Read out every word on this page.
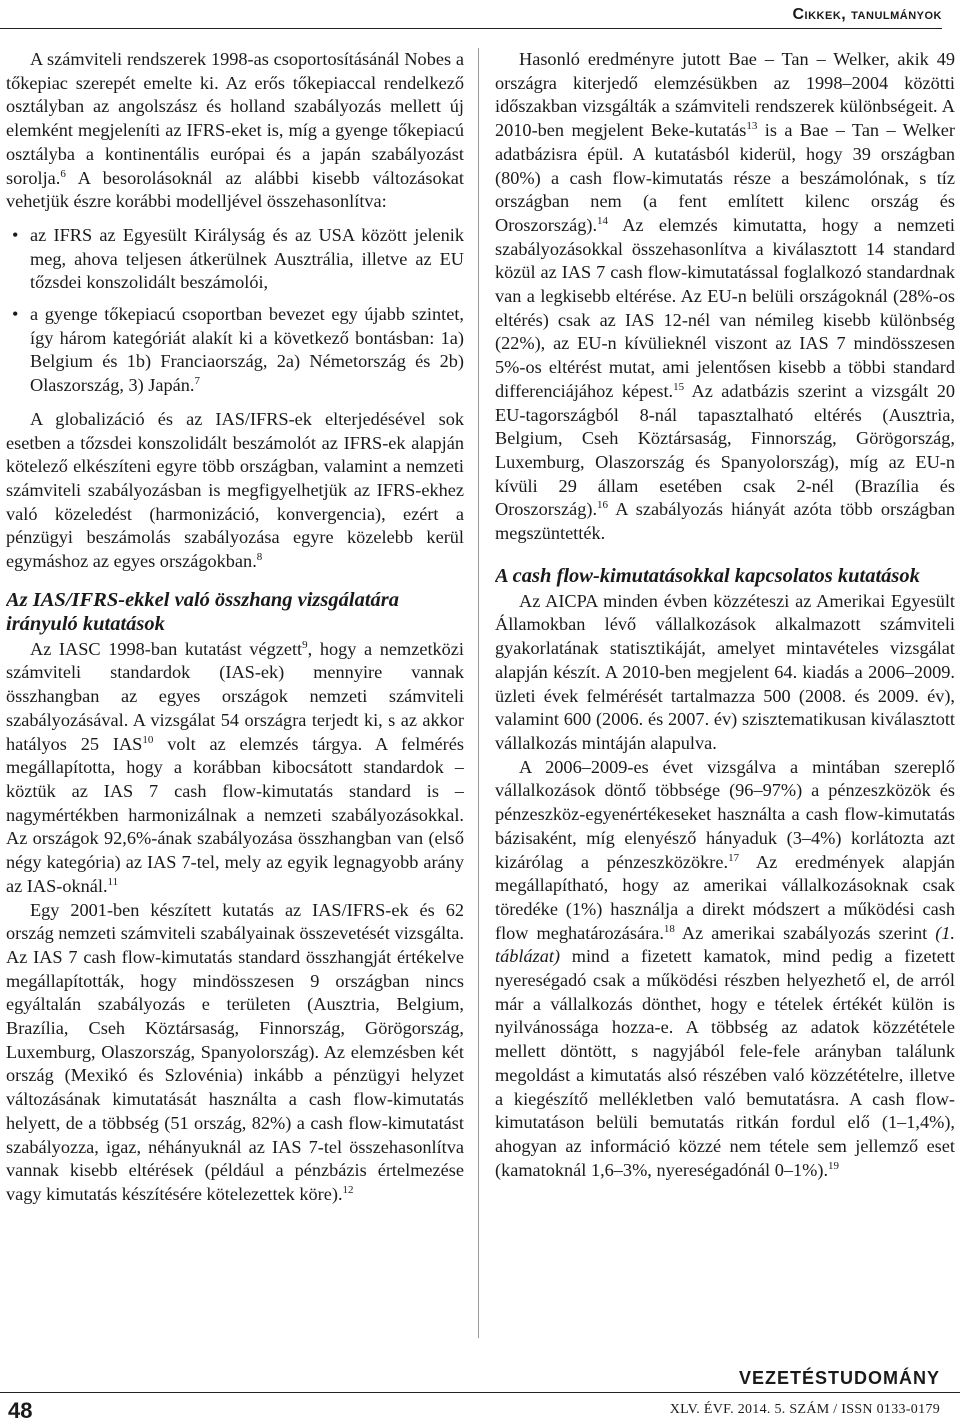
Cikkek, tanulmányok

A számviteli rendszerek 1998-as csoportosításánál Nobes a tőkepiac szerepét emelte ki. Az erős tőkepiaccal rendelkező osztályban az angolszász és holland szabályozás mellett új elemként megjeleníti az IFRS-eket is, míg a gyenge tőkepiacú osztályba a kontinentális európai és a japán szabályozást sorolja.$^6$ A besorolásoknál az alábbi kisebb változásokat vehetjük észre korábbi modelljével összehasonlítva:

• az IFRS az Egyesült Királyság és az USA között jelenik meg, ahova teljesen átkerülnek Ausztrália, illetve az EU tőzsdei konszolidált beszámolói,
• a gyenge tőkepiacú csoportban bevezet egy újabb szintet, így három kategóriát alakít ki a következő bontásban: 1a) Belgium és 1b) Franciaország, 2a) Németország és 2b) Olaszország, 3) Japán.$^7$

A globalizáció és az IAS/IFRS-ek elterjedésével sok esetben a tőzsdei konszolidált beszámolót az IFRS-ek alapján kötelező elkészíteni egyre több országban, valamint a nemzeti számviteli szabályozásban is megfigyelhetjük az IFRS-ekhez való közeledést (harmonizáció, konvergencia), ezért a pénzügyi beszámolás szabályozása egyre közelebb kerül egymáshoz az egyes országokban.$^8$

Az IAS/IFRS-ekkel való összhang vizsgálatára irányuló kutatások

Az IASC 1998-ban kutatást végzett$^9$, hogy a nemzetközi számviteli standardok (IAS-ek) mennyire vannak összhangban az egyes országok nemzeti számviteli szabályozásával. A vizsgálat 54 országra terjedt ki, s az akkor hatályos 25 IAS$^{10}$ volt az elemzés tárgya. A felmérés megállapította, hogy a korábban kibocsátott standardok – köztük az IAS 7 cash flow-kimutatás standard is – nagymértékben harmonizálnak a nemzeti szabályozásokkal. Az országok 92,6%-ának szabályozása összhangban van (első négy kategória) az IAS 7-tel, mely az egyik legnagyobb arány az IAS-oknál.$^{11}$

Egy 2001-ben készített kutatás az IAS/IFRS-ek és 62 ország nemzeti számviteli szabályainak összevetését vizsgálta. Az IAS 7 cash flow-kimutatás standard összhangját értékelve megállapították, hogy mindösszesen 9 országban nincs egyáltalán szabályozás e területen (Ausztria, Belgium, Brazília, Cseh Köztársaság, Finnország, Görögország, Luxemburg, Olaszország, Spanyolország). Az elemzésben két ország (Mexikó és Szlovénia) inkább a pénzügyi helyzet változásának kimutatását használta a cash flow-kimutatás helyett, de a többség (51 ország, 82%) a cash flow-kimutatást szabályozza, igaz, néhányuknál az IAS 7-tel összehasonlítva vannak kisebb eltérések (például a pénzbázis értelmezése vagy kimutatás készítésére kötelezettek köre).$^{12}$

Hasonló eredményre jutott Bae – Tan – Welker, akik 49 országra kiterjedő elemzésükben az 1998–2004 közötti időszakban vizsgálták a számviteli rendszerek különbségeit. A 2010-ben megjelent Beke-kutatás$^{13}$ is a Bae – Tan – Welker adatbázisra épül. A kutatásból kiderül, hogy 39 országban (80%) a cash flow-kimutatás része a beszámolónak, s tíz országban nem (a fent említett kilenc ország és Oroszország).$^{14}$ Az elemzés kimutatta, hogy a nemzeti szabályozásokkal összehasonlítva a kiválasztott 14 standard közül az IAS 7 cash flow-kimutatással foglalkozó standardnak van a legkisebb eltérése. Az EU-n belüli országoknál (28%-os eltérés) csak az IAS 12-nél van némileg kisebb különbség (22%), az EU-n kívülieknél viszont az IAS 7 mindösszesen 5%-os eltérést mutat, ami jelentősen kisebb a többi standard differenciájához képest.$^{15}$ Az adatbázis szerint a vizsgált 20 EU-tagországból 8-nál tapasztalható eltérés (Ausztria, Belgium, Cseh Köztársaság, Finnország, Görögország, Luxemburg, Olaszország és Spanyolország), míg az EU-n kívüli 29 állam esetében csak 2-nél (Brazília és Oroszország).$^{16}$ A szabályozás hiányát azóta több országban megszüntették.

A cash flow-kimutatásokkal kapcsolatos kutatások

Az AICPA minden évben közzéteszi az Amerikai Egyesült Államokban lévő vállalkozások alkalmazott számviteli gyakorlatának statisztikáját, amelyet mintavételes vizsgálat alapján készít. A 2010-ben megjelent 64. kiadás a 2006–2009. üzleti évek felmérését tartalmazza 500 (2008. és 2009. év), valamint 600 (2006. és 2007. év) szisztematikusan kiválasztott vállalkozás mintáján alapulva.

A 2006–2009-es évet vizsgálva a mintában szereplő vállalkozások döntő többsége (96–97%) a pénzeszközök és pénzeszköz-egyenértékeseket használta a cash flow-kimutatás bázisaként, míg elenyésző hányaduk (3–4%) korlátozta azt kizárólag a pénzeszközökre.$^{17}$ Az eredmények alapján megállapítható, hogy az amerikai vállalkozásoknak csak töredéke (1%) használja a direkt módszert a működési cash flow meghatározására.$^{18}$ Az amerikai szabályozás szerint (1. táblázat) mind a fizetett kamatok, mind pedig a fizetett nyereségadó csak a működési részben helyezhető el, de arról már a vállalkozás dönthet, hogy e tételek értékét külön is nyilvánossága hozza-e. A többség az adatok közzététele mellett döntött, s nagyjából fele-fele arányban találunk megoldást a kimutatás alsó részében való közzétételre, illetve a kiegészítő mellékletben való bemutatásra. A cash flow-kimutatáson belüli bemutatás ritkán fordul elő (1–1,4%), ahogyan az információ közzé nem tétele sem jellemző eset (kamatoknál 1,6–3%, nyereségadónál 0–1%).$^{19}$

VEZETÉSTUDOMÁNY
48	XLV. ÉVF. 2014. 5. SZÁM / ISSN 0133-0179
